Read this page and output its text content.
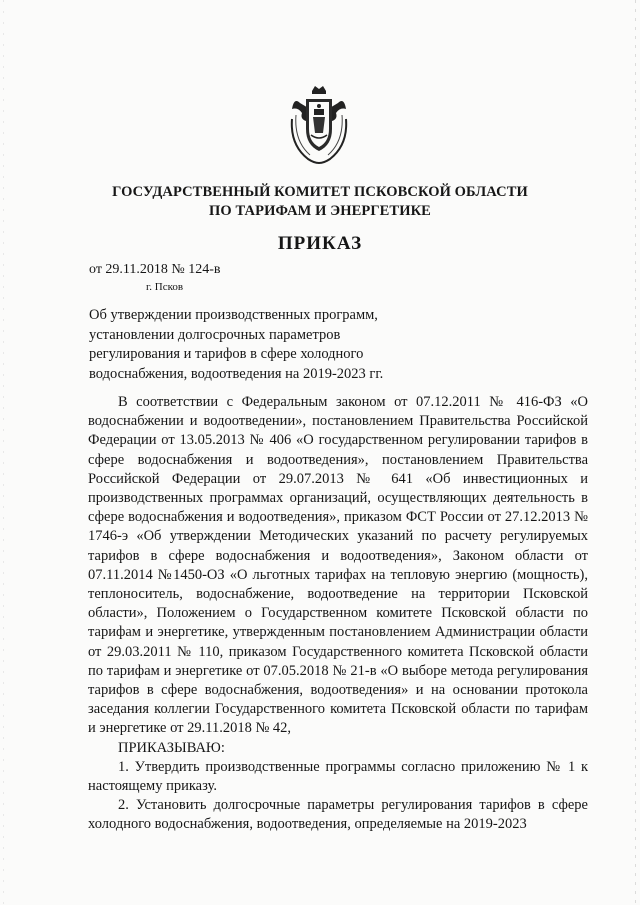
ГОСУДАРСТВЕННЫЙ КОМИТЕТ ПСКОВСКОЙ ОБЛАСТИ
ПО ТАРИФАМ И ЭНЕРГЕТИКЕ
ПРИКАЗ
от 29.11.2018 № 124-в
г. Псков
Об утверждении производственных программ,
установлении долгосрочных параметров
регулирования и тарифов в сфере холодного
водоснабжения, водоотведения на 2019-2023 гг.

В соответствии с Федеральным законом от 07.12.2011 № 416-ФЗ «О водоснабжении и водоотведении», постановлением Правительства Российской Федерации от 13.05.2013 № 406 «О государственном регулировании тарифов в сфере водоснабжения и водоотведения», постановлением Правительства Российской Федерации от 29.07.2013 № 641 «Об инвестиционных и производственных программах организаций, осуществляющих деятельность в сфере водоснабжения и водоотведения», приказом ФСТ России от 27.12.2013 № 1746-э «Об утверждении Методических указаний по расчету регулируемых тарифов в сфере водоснабжения и водоотведения», Законом области от 07.11.2014 №1450-ОЗ «О льготных тарифах на тепловую энергию (мощность), теплоноситель, водоснабжение, водоотведение на территории Псковской области», Положением о Государственном комитете Псковской области по тарифам и энергетике, утвержденным постановлением Администрации области от 29.03.2011 № 110, приказом Государственного комитета Псковской области по тарифам и энергетике от 07.05.2018 № 21-в «О выборе метода регулирования тарифов в сфере водоснабжения, водоотведения» и на основании протокола заседания коллегии Государственного комитета Псковской области по тарифам и энергетике от 29.11.2018 № 42,

ПРИКАЗЫВАЮ:

1. Утвердить производственные программы согласно приложению № 1 к настоящему приказу.

2. Установить долгосрочные параметры регулирования тарифов в сфере холодного водоснабжения, водоотведения, определяемые на 2019-2023
